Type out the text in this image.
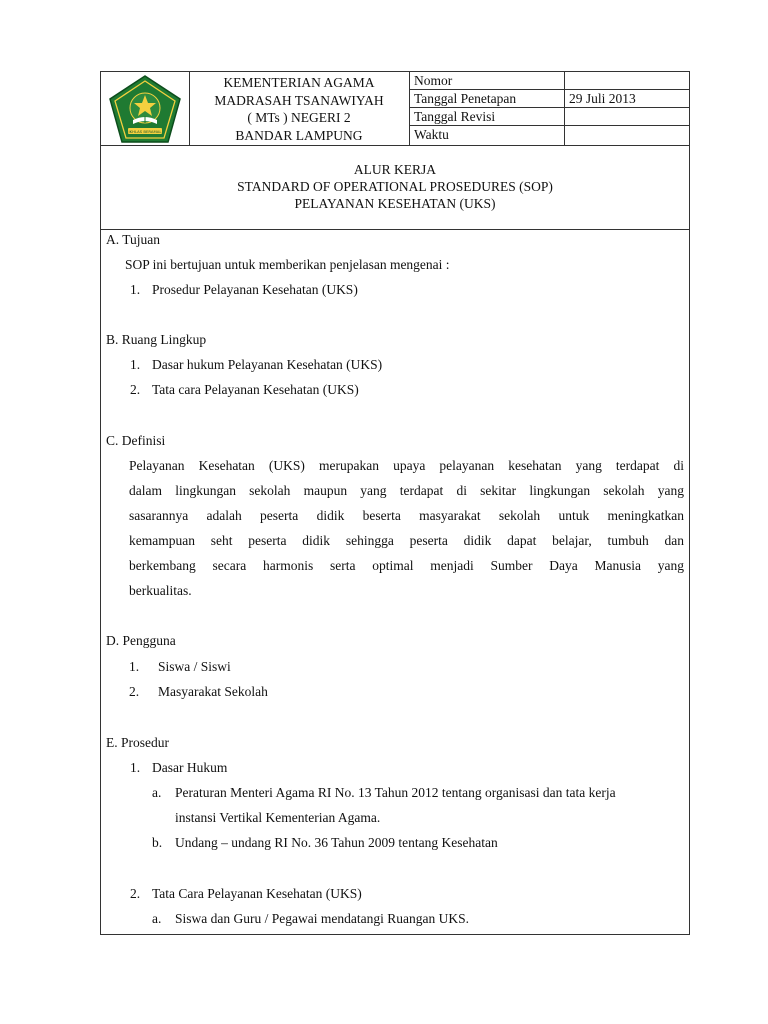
IKHLAS BERAMAL
KEMENTERIAN AGAMA
MADRASAH TSANAWIYAH
( MTs ) NEGERI 2
BANDAR LAMPUNG
Nomor
Tanggal Penetapan	29 Juli 2013
Tanggal Revisi
Waktu
ALUR KERJA
STANDARD OF OPERATIONAL PROSEDURES (SOP)
PELAYANAN KESEHATAN (UKS)
A. Tujuan
SOP ini bertujuan untuk memberikan penjelasan mengenai :
1. Prosedur Pelayanan Kesehatan (UKS)
B. Ruang Lingkup
1. Dasar hukum Pelayanan Kesehatan (UKS)
2. Tata cara Pelayanan Kesehatan (UKS)
C. Definisi
Pelayanan Kesehatan (UKS) merupakan upaya pelayanan kesehatan yang terdapat di
dalam lingkungan sekolah maupun yang terdapat di sekitar lingkungan sekolah yang
sasarannya adalah peserta didik beserta masyarakat sekolah untuk meningkatkan
kemampuan seht peserta didik sehingga peserta didik dapat belajar, tumbuh dan
berkembang secara harmonis serta optimal menjadi Sumber Daya Manusia yang
berkualitas.
D. Pengguna
1. Siswa / Siswi
2. Masyarakat Sekolah
E. Prosedur
1. Dasar Hukum
a. Peraturan Menteri Agama RI No. 13 Tahun 2012 tentang organisasi dan tata kerja
instansi Vertikal Kementerian Agama.
b. Undang – undang RI No. 36 Tahun 2009 tentang Kesehatan
2. Tata Cara Pelayanan Kesehatan (UKS)
a. Siswa dan Guru / Pegawai mendatangi Ruangan UKS.
